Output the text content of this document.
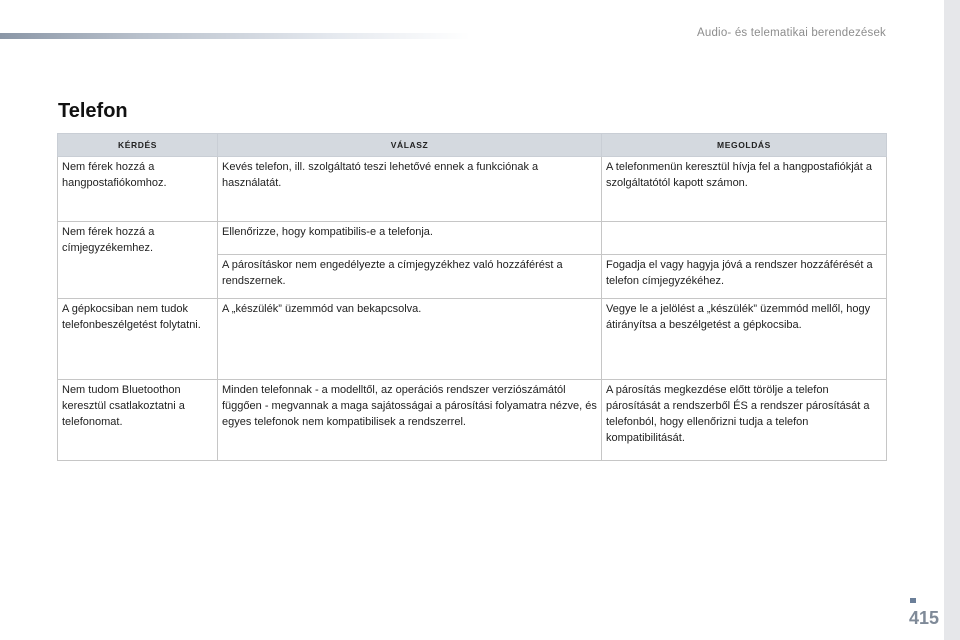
Audio- és telematikai berendezések
Telefon
KÉRDÉS	VÁLASZ	MEGOLDÁS
Nem férek hozzá a hangpostafiókomhoz.	Kevés telefon, ill. szolgáltató teszi lehetővé ennek a funkciónak a használatát.	A telefonmenün keresztül hívja fel a hangpostafiókját a szolgáltatótól kapott számon.
Nem férek hozzá a címjegyzékemhez.	Ellenőrizze, hogy kompatibilis-e a telefonja.	
	A párosításkor nem engedélyezte a címjegyzékhez való hozzáférést a rendszernek.	Fogadja el vagy hagyja jóvá a rendszer hozzáférését a telefon címjegyzékéhez.
A gépkocsiban nem tudok telefonbeszélgetést folytatni.	A „készülék” üzemmód van bekapcsolva.	Vegye le a jelölést a „készülék” üzemmód mellől, hogy átirányítsa a beszélgetést a gépkocsiba.
Nem tudom Bluetoothon keresztül csatlakoztatni a telefonomat.	Minden telefonnak - a modelltől, az operációs rendszer verziószámától függően - megvannak a maga sajátosságai a párosítási folyamatra nézve, és egyes telefonok nem kompatibilisek a rendszerrel.	A párosítás megkezdése előtt törölje a telefon párosítását a rendszerből ÉS a rendszer párosítását a telefonból, hogy ellenőrizni tudja a telefon kompatibilitását.
415
